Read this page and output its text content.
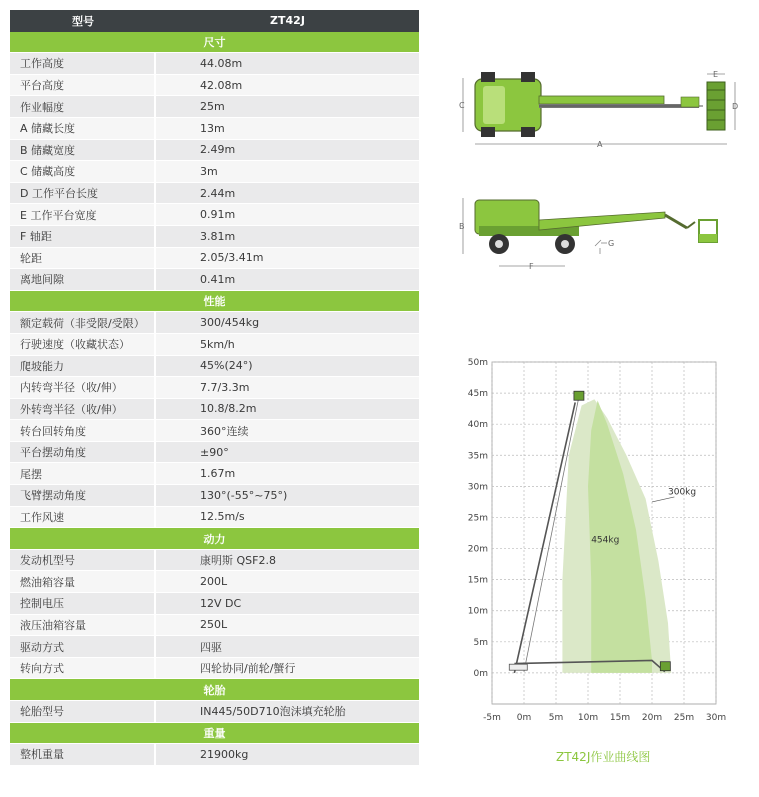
型号	ZT42J
尺寸	
工作高度	44.08m
平台高度	42.08m
作业幅度	25m
A 储藏长度	13m
B 储藏宽度	2.49m
C 储藏高度	3m
D 工作平台长度	2.44m
E 工作平台宽度	0.91m
F 轴距	3.81m
轮距	2.05/3.41m
离地间隙	0.41m
性能	
额定载荷（非受限/受限）	300/454kg
行驶速度（收藏状态）	5km/h
爬坡能力	45%(24°)
内转弯半径（收/伸）	7.7/3.3m
外转弯半径（收/伸）	10.8/8.2m
转台回转角度	360°连续
平台摆动角度	±90°
尾摆	1.67m
飞臂摆动角度	130°(-55°~75°)
工作风速	12.5m/s
动力	
发动机型号	康明斯 QSF2.8
燃油箱容量	200L
控制电压	12V DC
液压油箱容量	250L
驱动方式	四驱
转向方式	四轮协同/前轮/蟹行
轮胎	
轮胎型号	IN445/50D710泡沫填充轮胎
重量	
整机重量	21900kg
C	D
E
A
B
F
G
-5m 0m 5m 10m 15m 20m 25m 30m
0m
5m
10m
15m
20m
25m
30m
35m
40m
45m
50m
300kg
454kg
ZT42J作业曲线图
